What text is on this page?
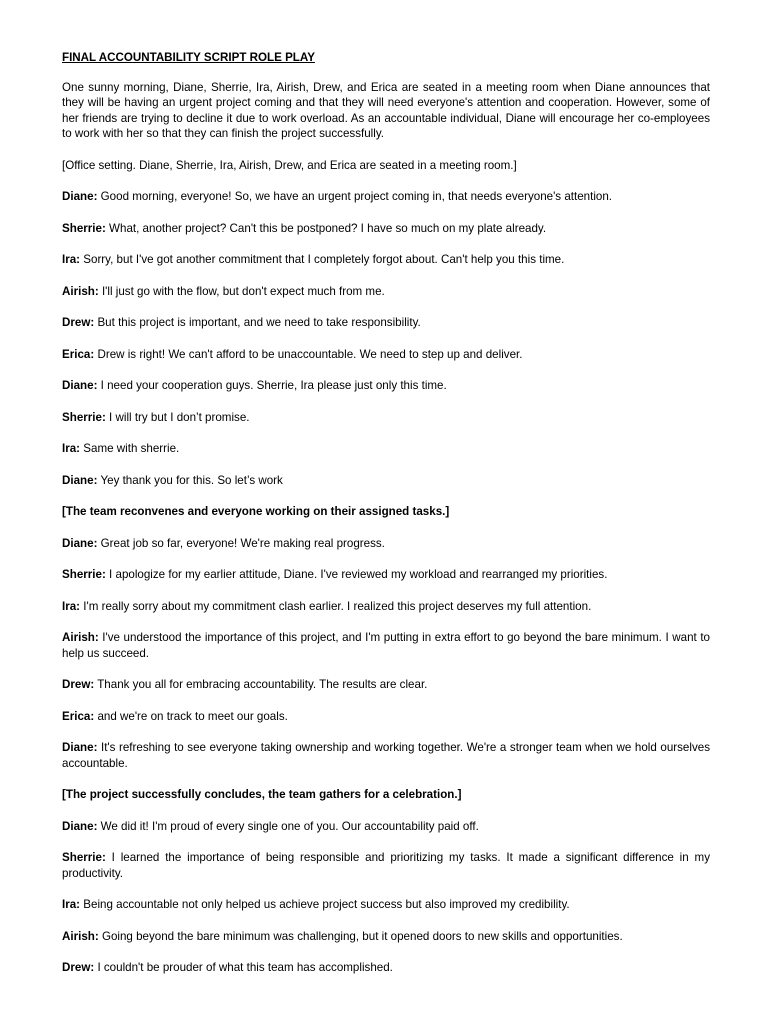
FINAL ACCOUNTABILITY SCRIPT ROLE PLAY

One sunny morning, Diane, Sherrie, Ira, Airish, Drew, and Erica are seated in a meeting room when Diane announces that they will be having an urgent project coming and that they will need everyone's attention and cooperation. However, some of her friends are trying to decline it due to work overload. As an accountable individual, Diane will encourage her co-employees to work with her so that they can finish the project successfully.

[Office setting. Diane, Sherrie, Ira, Airish, Drew, and Erica are seated in a meeting room.]

Diane: Good morning, everyone! So, we have an urgent project coming in, that needs everyone's attention.

Sherrie: What, another project? Can't this be postponed? I have so much on my plate already.

Ira: Sorry, but I've got another commitment that I completely forgot about. Can't help you this time.

Airish: I'll just go with the flow, but don't expect much from me.

Drew: But this project is important, and we need to take responsibility.

Erica: Drew is right! We can't afford to be unaccountable. We need to step up and deliver.

Diane: I need your cooperation guys. Sherrie, Ira please just only this time.

Sherrie: I will try but I don’t promise.

Ira: Same with sherrie.

Diane: Yey thank you for this. So let’s work

[The team reconvenes and everyone working on their assigned tasks.]

Diane: Great job so far, everyone! We're making real progress.

Sherrie: I apologize for my earlier attitude, Diane. I've reviewed my workload and rearranged my priorities.

Ira: I'm really sorry about my commitment clash earlier. I realized this project deserves my full attention.

Airish: I've understood the importance of this project, and I'm putting in extra effort to go beyond the bare minimum. I want to help us succeed.

Drew: Thank you all for embracing accountability. The results are clear.

Erica: and we're on track to meet our goals.

Diane: It's refreshing to see everyone taking ownership and working together. We're a stronger team when we hold ourselves accountable.

[The project successfully concludes, the team gathers for a celebration.]

Diane: We did it! I'm proud of every single one of you. Our accountability paid off.

Sherrie: I learned the importance of being responsible and prioritizing my tasks. It made a significant difference in my productivity.

Ira: Being accountable not only helped us achieve project success but also improved my credibility.

Airish: Going beyond the bare minimum was challenging, but it opened doors to new skills and opportunities.

Drew: I couldn't be prouder of what this team has accomplished.
